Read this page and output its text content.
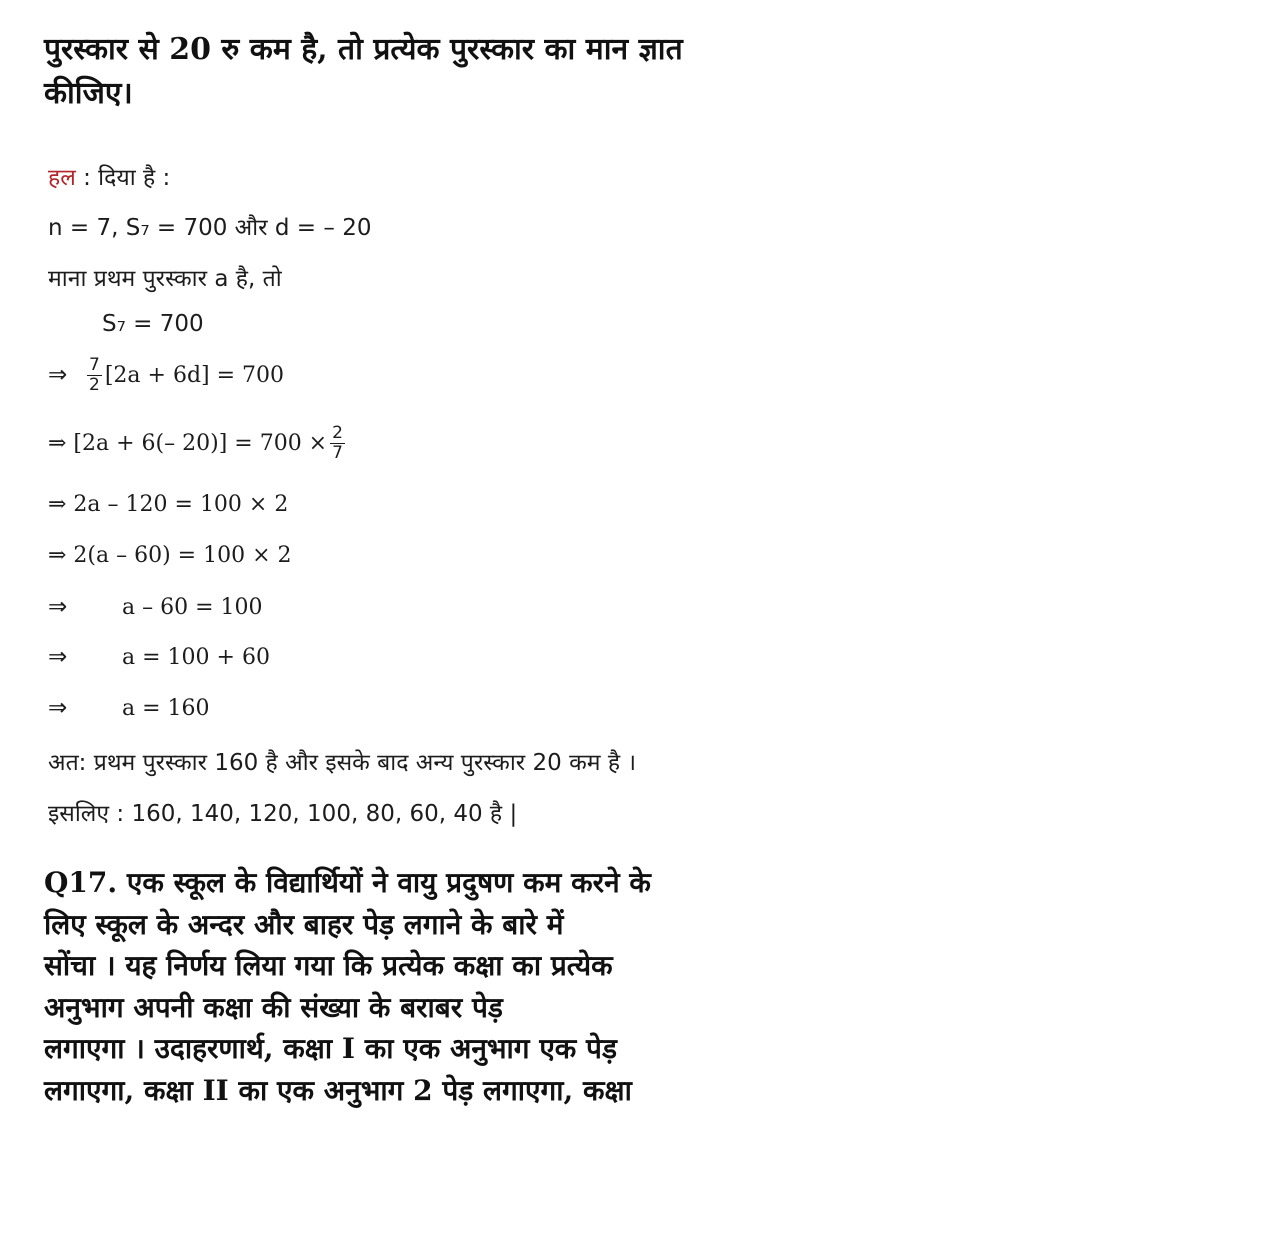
पुरस्कार से 20 रु कम है, तो प्रत्येक पुरस्कार का मान ज्ञात
कीजिए।
हल : दिया है :
n = 7, S₇ = 700 और d = – 20
माना प्रथम पुरस्कार a है, तो
S₇ = 700
⇒ $\frac{7}{2} [2a + 6d] = 700$
⇒ [2a + 6(– $20)] = 700 \times \frac{2}{7}$
⇒ 2a – 120 = 100 × 2
⇒ 2(a – 60) = 100 × 2
⇒ a – 60 = 100
⇒ a = 100 + 60
⇒ a = 160
अत: प्रथम पुरस्कार 160 है और इसके बाद अन्य पुरस्कार 20 कम है ।
इसलिए : 160, 140, 120, 100, 80, 60, 40 है |
Q17. एक स्कूल के विद्यार्थियों ने वायु प्रदुषण कम करने के
लिए स्कूल के अन्दर और बाहर पेड़ लगाने के बारे में
सोंचा । यह निर्णय लिया गया कि प्रत्येक कक्षा का प्रत्येक
अनुभाग अपनी कक्षा की संख्या के बराबर पेड़
लगाएगा । उदाहरणार्थ, कक्षा I का एक अनुभाग एक पेड़
लगाएगा, कक्षा II का एक अनुभाग 2 पेड़ लगाएगा, कक्षा
